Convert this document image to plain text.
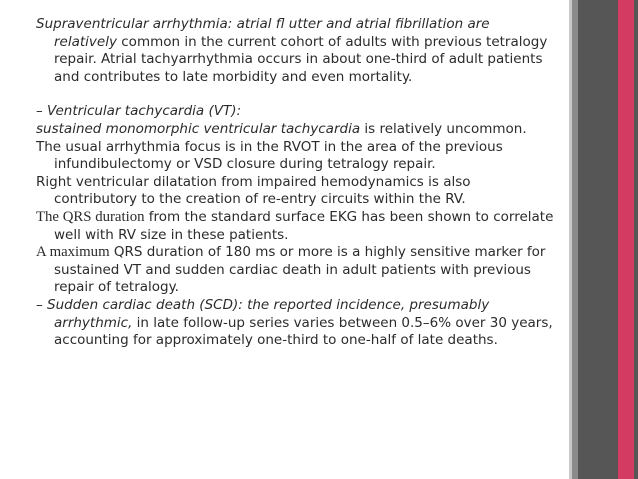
Supraventricular arrhythmia: atrial fl utter and atrial fibrillation are relatively common in the current cohort of adults with previous tetralogy repair. Atrial tachyarrhythmia occurs in about one-third of adult patients and contributes to late morbidity and even mortality.

– Ventricular tachycardia (VT):

sustained monomorphic ventricular tachycardia is relatively uncommon.

The usual arrhythmia focus is in the RVOT in the area of the previous infundibulectomy or VSD closure during tetralogy repair.

Right ventricular dilatation from impaired hemodynamics is also contributory to the creation of re-entry circuits within the RV.

The QRS duration from the standard surface EKG has been shown to correlate well with RV size in these patients.

A maximum QRS duration of 180 ms or more is a highly sensitive marker for sustained VT and sudden cardiac death in adult patients with previous repair of tetralogy.

– Sudden cardiac death (SCD): the reported incidence, presumably arrhythmic, in late follow-up series varies between 0.5–6% over 30 years, accounting for approximately one-third to one-half of late deaths.
